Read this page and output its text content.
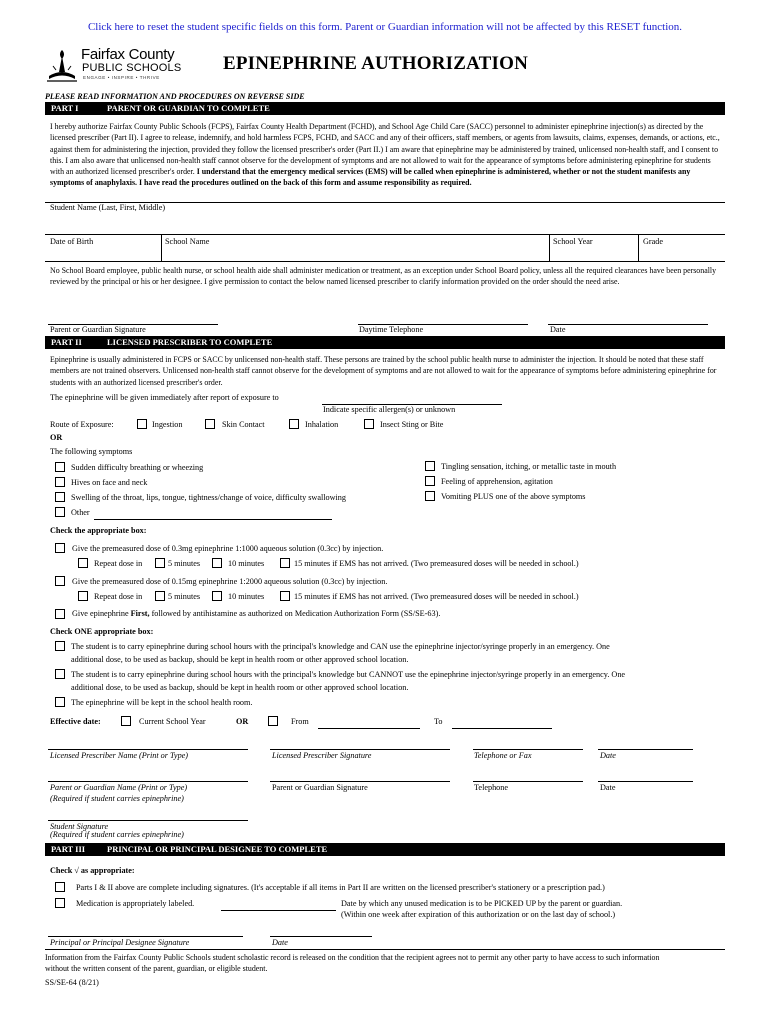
Click here to reset the student specific fields on this form. Parent or Guardian information will not be affected by this RESET function.
Fairfax County
PUBLIC SCHOOLS
ENGAGE • INSPIRE • THRIVE
EPINEPHRINE AUTHORIZATION
PLEASE READ INFORMATION AND PROCEDURES ON REVERSE SIDE
PART I	PARENT OR GUARDIAN TO COMPLETE
I hereby authorize Fairfax County Public Schools (FCPS), Fairfax County Health Department (FCHD), and School Age Child Care (SACC) personnel to administer epinephrine injection(s) as directed by the licensed prescriber (Part II). I agree to release, indemnify, and hold harmless FCPS, FCHD, and SACC and any of their officers, staff members, or agents from lawsuits, claims, expenses, demands, or actions, etc., against them for administering the injection, provided they follow the licensed prescriber's order (Part II.) I am aware that epinephrine may be administered by trained, unlicensed non-health staff, and I consent to this. I am also aware that unlicensed non-health staff cannot observe for the development of symptoms and are not allowed to wait for the appearance of symptoms before administering epinephrine for students with an authorized licensed prescriber's order. I understand that the emergency medical services (EMS) will be called when epinephrine is administered, whether or not the student manifests any symptoms of anaphylaxis. I have read the procedures outlined on the back of this form and assume responsibility as required.
Student Name (Last, First, Middle)
Date of Birth	School Name	School Year	Grade
No School Board employee, public health nurse, or school health aide shall administer medication or treatment, as an exception under School Board policy, unless all the required clearances have been personally reviewed by the principal or his or her designee. I give permission to contact the below named licensed prescriber to clarify information provided on the order should the need arise.
Parent or Guardian Signature	Daytime Telephone	Date
PART II	LICENSED PRESCRIBER TO COMPLETE
Epinephrine is usually administered in FCPS or SACC by unlicensed non-health staff. These persons are trained by the school public health nurse to administer the injection. It should be noted that these staff members are not trained observers. Unlicensed non-health staff cannot observe for the development of symptoms and are not allowed to wait for the appearance of symptoms before administering epinephrine for students with an authorized licensed prescriber's order.
The epinephrine will be given immediately after report of exposure to
Indicate specific allergen(s) or unknown
Route of Exposure:	Ingestion	Skin Contact	Inhalation	Insect Sting or Bite
OR
The following symptoms
Sudden difficulty breathing or wheezing
Hives on face and neck
Swelling of the throat, lips, tongue, tightness/change of voice, difficulty swallowing
Other
Tingling sensation, itching, or metallic taste in mouth
Feeling of apprehension, agitation
Vomiting PLUS one of the above symptoms
Check the appropriate box:
Give the premeasured dose of 0.3mg epinephrine 1:1000 aqueous solution (0.3cc) by injection.
Repeat dose in	5 minutes	10 minutes	15 minutes if EMS has not arrived. (Two premeasured doses will be needed in school.)
Give the premeasured dose of 0.15mg epinephrine 1:2000 aqueous solution (0.3cc) by injection.
Repeat dose in	5 minutes	10 minutes	15 minutes if EMS has not arrived. (Two premeasured doses will be needed in school.)
Give epinephrine First, followed by antihistamine as authorized on Medication Authorization Form (SS/SE-63).
Check ONE appropriate box:
The student is to carry epinephrine during school hours with the principal's knowledge and CAN use the epinephrine injector/syringe properly in an emergency. One
additional dose, to be used as backup, should be kept in health room or other approved school location.
The student is to carry epinephrine during school hours with the principal's knowledge but CANNOT use the epinephrine injector/syringe properly in an emergency. One
additional dose, to be used as backup, should be kept in health room or other approved school location.
The epinephrine will be kept in the school health room.
Effective date:	Current School Year	OR	From	To
Licensed Prescriber Name (Print or Type)	Licensed Prescriber Signature	Telephone or Fax	Date
Parent or Guardian Name (Print or Type)
(Required if student carries epinephrine)
Parent or Guardian Signature	Telephone	Date
Student Signature
(Required if student carries epinephrine)
PART III	PRINCIPAL OR PRINCIPAL DESIGNEE TO COMPLETE
Check √ as appropriate:
Parts I & II above are complete including signatures. (It's acceptable if all items in Part II are written on the licensed prescriber's stationery or a prescription pad.)
Medication is appropriately labeled.	Date by which any unused medication is to be PICKED UP by the parent or guardian.
(Within one week after expiration of this authorization or on the last day of school.)
Principal or Principal Designee Signature	Date
Information from the Fairfax County Public Schools student scholastic record is released on the condition that the recipient agrees not to permit any other party to have access to such information without the written consent of the parent, guardian, or eligible student.
SS/SE-64 (8/21)
